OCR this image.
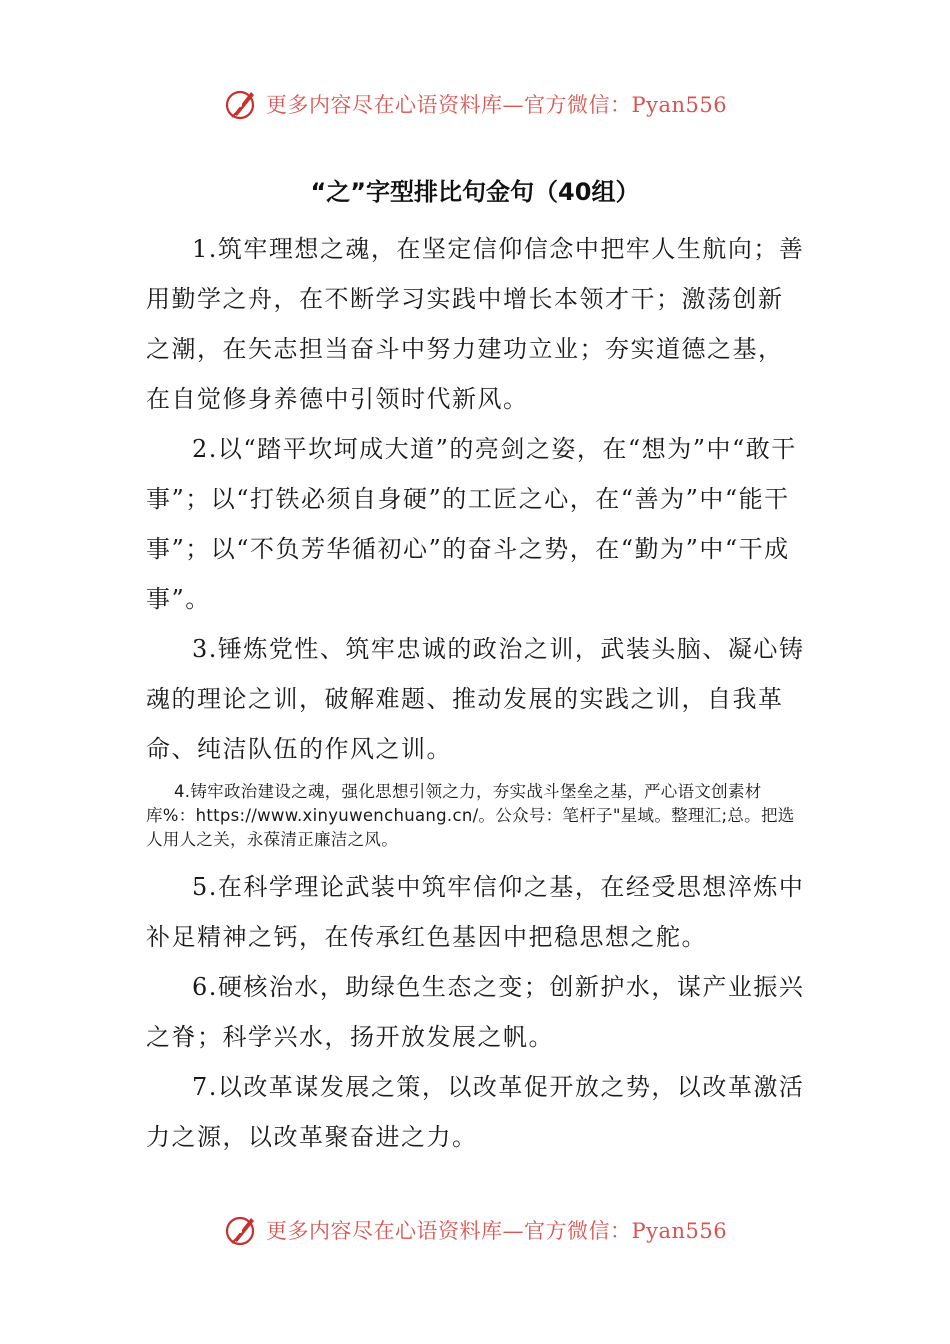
更多内容尽在心语资料库—官方微信：Pyan556
“之”字型排比句金句（40组）

1.筑牢理想之魂，在坚定信仰信念中把牢人生航向；善用勤学之舟，在不断学习实践中增长本领才干；激荡创新之潮，在矢志担当奋斗中努力建功立业；夯实道德之基，在自觉修身养德中引领时代新风。

2.以“踏平坎坷成大道”的亮剑之姿，在“想为”中“敢干事”；以“打铁必须自身硬”的工匠之心，在“善为”中“能干事”；以“不负芳华循初心”的奋斗之势，在“勤为”中“干成事”。

3.锤炼党性、筑牢忠诚的政治之训，武装头脑、凝心铸魂的理论之训，破解难题、推动发展的实践之训，自我革命、纯洁队伍的作风之训。

4.铸牢政治建设之魂，强化思想引领之力，夯实战斗堡垒之基，严心语文创素材库%：https://www.xinyuwenchuang.cn/。公众号：笔杆子"星域。整理汇;总。把选人用人之关，永葆清正廉洁之风。

5.在科学理论武装中筑牢信仰之基，在经受思想淬炼中补足精神之钙，在传承红色基因中把稳思想之舵。

6.硬核治水，助绿色生态之变；创新护水，谋产业振兴之脊；科学兴水，扬开放发展之帆。

7.以改革谋发展之策，以改革促开放之势，以改革激活力之源，以改革聚奋进之力。

更多内容尽在心语资料库—官方微信：Pyan556
